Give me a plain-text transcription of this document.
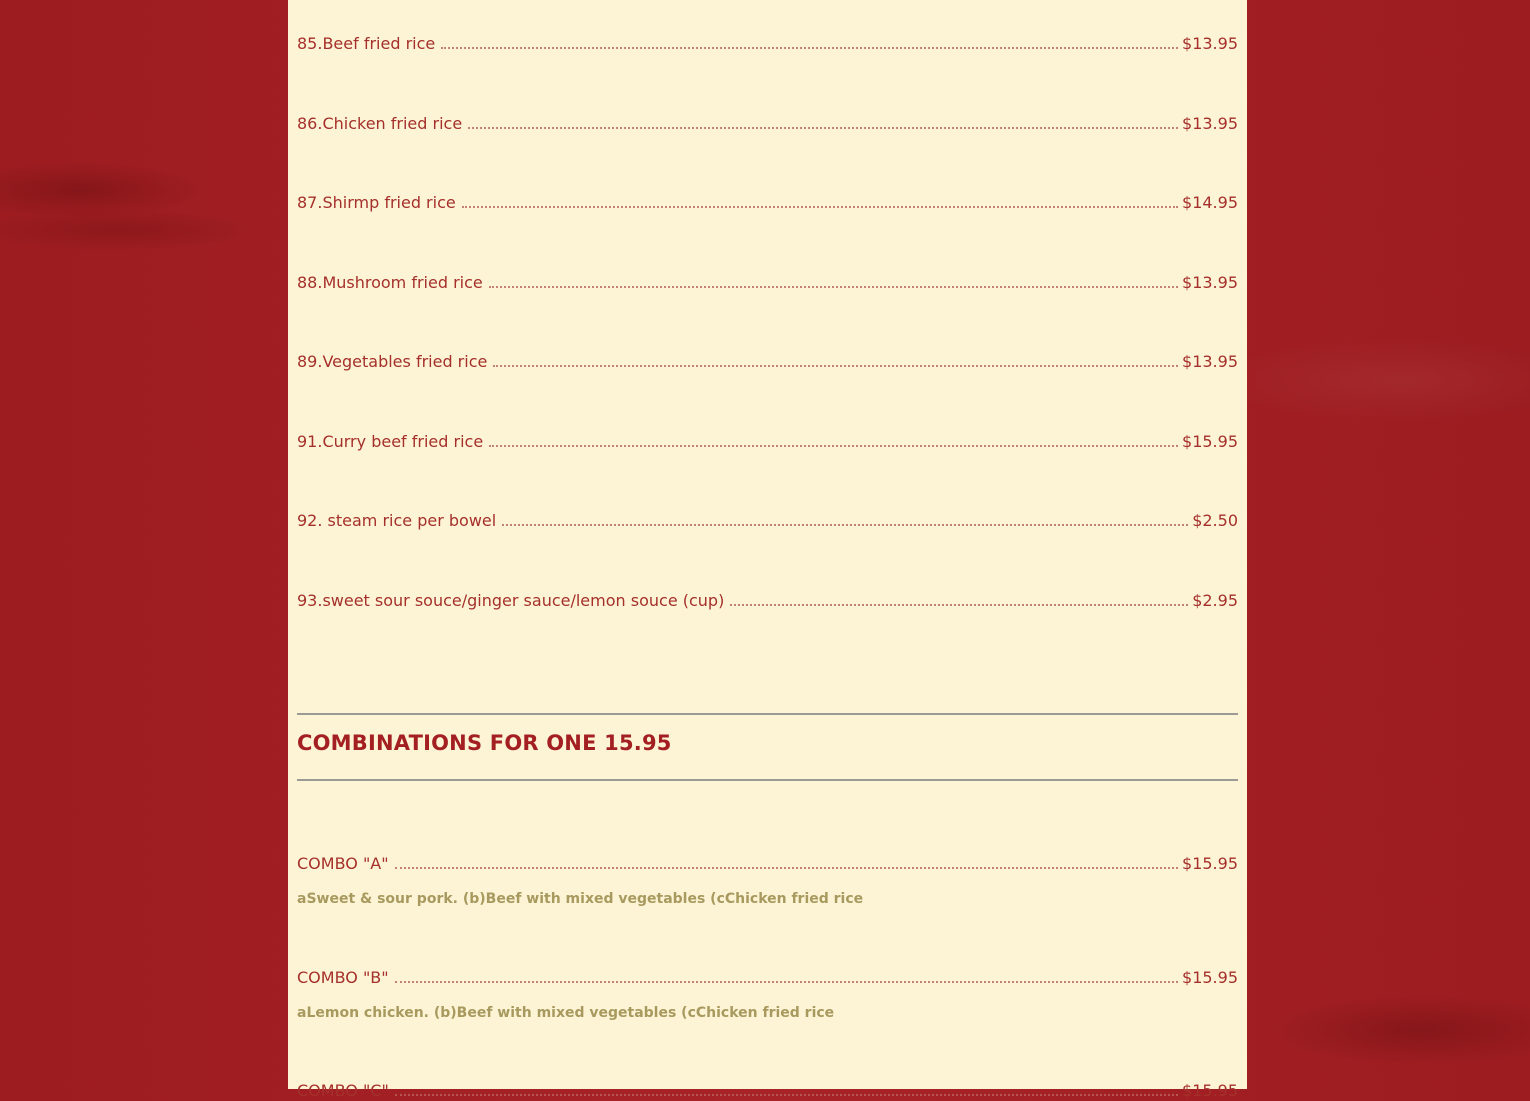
85.Beef fried rice	$13.95
86.Chicken fried rice	$13.95
87.Shirmp fried rice	$14.95
88.Mushroom fried rice	$13.95
89.Vegetables fried rice	$13.95
91.Curry beef fried rice	$15.95
92. steam rice per bowel	$2.50
93.sweet sour souce/ginger sauce/lemon souce (cup)	$2.95
COMBINATIONS FOR ONE 15.95
COMBO "A"	$15.95
aSweet & sour pork. (b)Beef with mixed vegetables (cChicken fried rice
COMBO "B"	$15.95
aLemon chicken. (b)Beef with mixed vegetables (cChicken fried rice
COMBO "C"	$15.95
